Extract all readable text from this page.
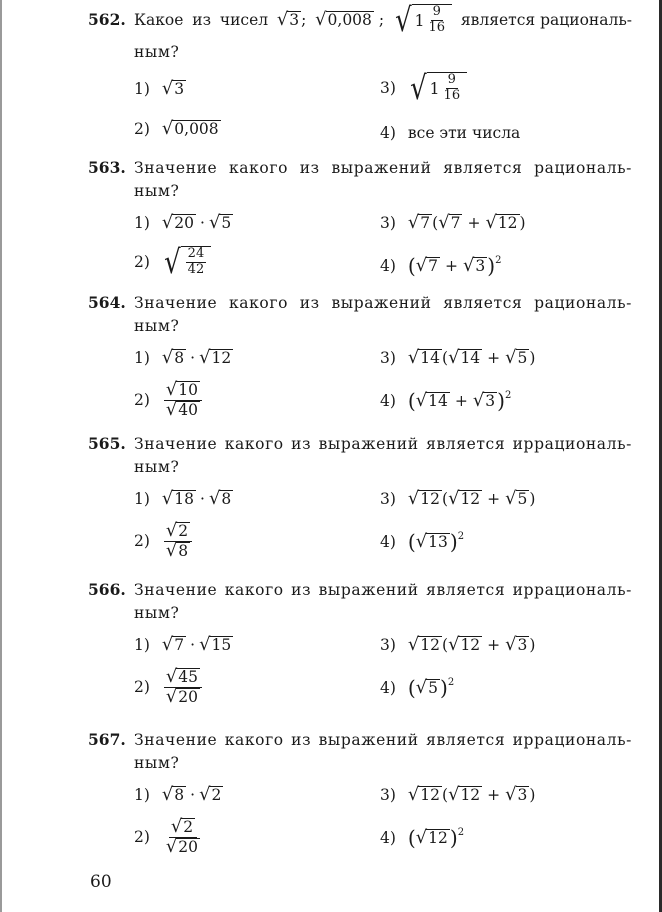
562. Какое из чисел √ 3 ; √ 0,008 ; √ $1 \frac{9}{16}$ является рациональ-
ным?
1) √ 3	3) √ $1 \frac{9}{16}$
2) √ 0,008	4) все эти числа
563. Значение какого из выражений является рациональ-
ным?
1) √ 20 · √ 5	3) √ 7 ( √ 7 + √ 12 )
2) √ $\frac{24}{42}$	4) ( √ 7 + √ 3 ) 2
564. Значение какого из выражений является рациональ-
ным?
1) √ 8 · √ 12	3) √ 14 ( √ 14 + √ 5 )
$2) \frac{√ 10}{√ 40}$	4) ( √ 14 + √ 3 ) 2
565. Значение какого из выражений является иррациональ-
ным?
1) √ 18 · √ 8	3) √ 12 ( √ 12 + √ 5 )
$2) \frac{√ 2}{√ 8}$	4) ( √ 13 ) 2
566. Значение какого из выражений является иррациональ-
ным?
1) √ 7 · √ 15	3) √ 12 ( √ 12 + √ 3 )
$2) \frac{√ 45}{√ 20}$	4) ( √ 5 ) 2
567. Значение какого из выражений является иррациональ-
ным?
1) √ 8 · √ 2	3) √ 12 ( √ 12 + √ 3 )
$2) \frac{√ 2}{√ 20}$	4) ( √ 12 ) 2
60
